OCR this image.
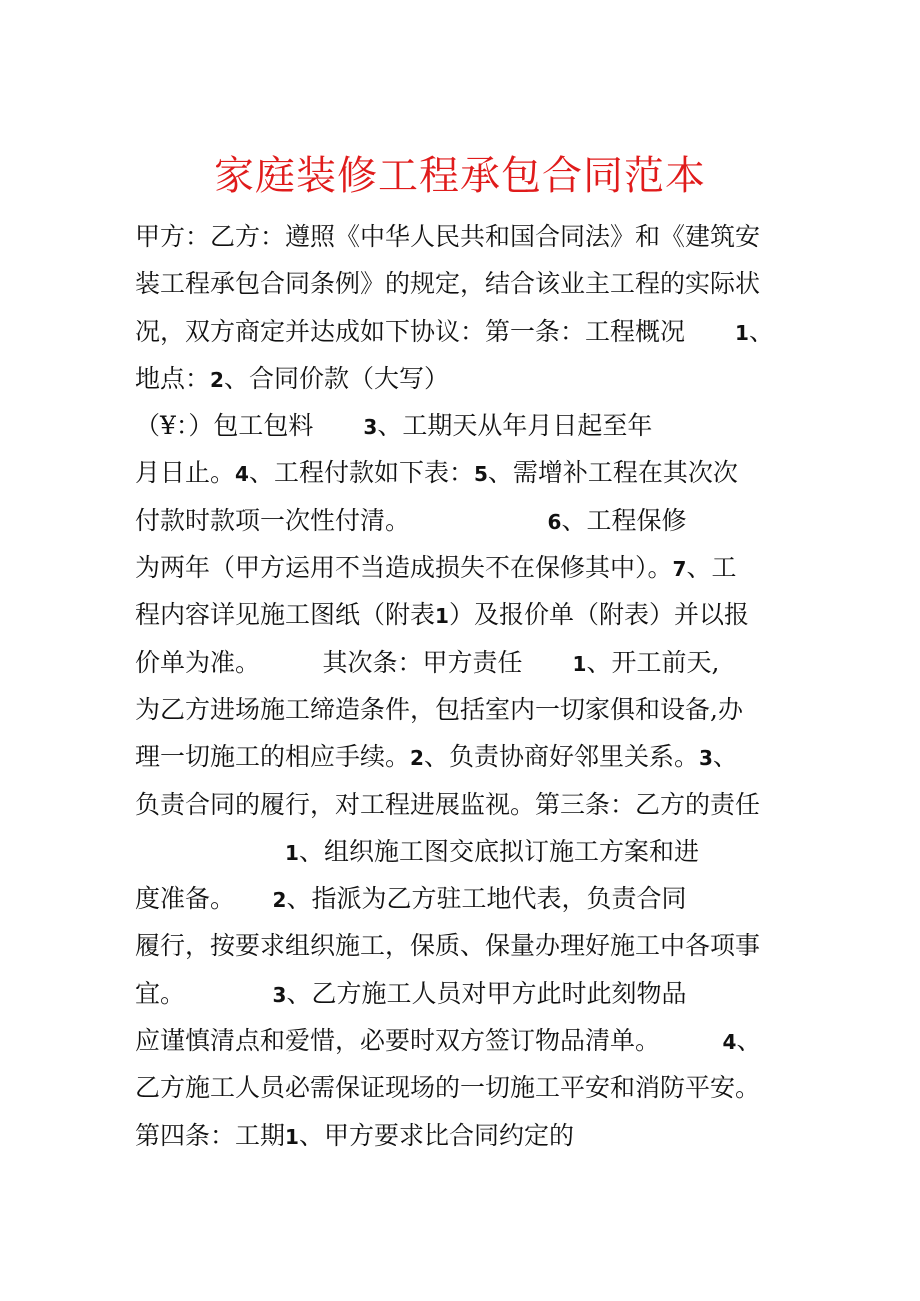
家庭装修工程承包合同范本
甲方：乙方：遵照《中华人民共和国合同法》和《建筑安
装工程承包合同条例》的规定，结合该业主工程的实际状
况，双方商定并达成如下协议：第一条：工程概况　　1、
地点：2、合同价款（大写）
（¥：）包工包料　　3、工期天从年月日起至年
月日止。4、工程付款如下表：5、需增补工程在其次次
付款时款项一次性付清。　　　　　　6、工程保修
为两年（甲方运用不当造成损失不在保修其中）。7、工
程内容详见施工图纸（附表1）及报价单（附表）并以报
价单为准。　　　其次条：甲方责任　　1、开工前天,
为乙方进场施工缔造条件，包括室内一切家俱和设备,办
理一切施工的相应手续。2、负责协商好邻里关系。3、
负责合同的履行，对工程进展监视。第三条：乙方的责任
　　　　　　1、组织施工图交底拟订施工方案和进
度准备。　　2、指派为乙方驻工地代表，负责合同
履行，按要求组织施工，保质、保量办理好施工中各项事
宜。　　　　3、乙方施工人员对甲方此时此刻物品
应谨慎清点和爱惜，必要时双方签订物品清单。　　　4、
乙方施工人员必需保证现场的一切施工平安和消防平安。
第四条：工期1、甲方要求比合同约定的
